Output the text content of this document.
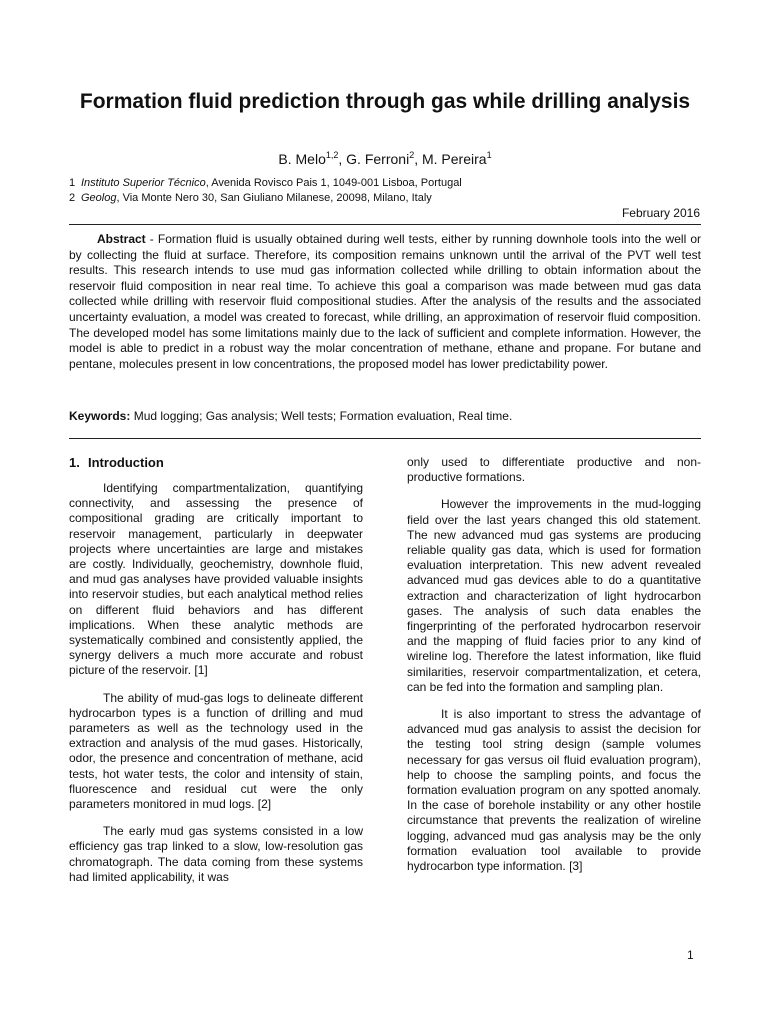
Formation fluid prediction through gas while drilling analysis
B. Melo$^{1,2}$, G. Ferroni$^2$, M. Pereira$^1$
1 Instituto Superior Técnico, Avenida Rovisco Pais 1, 1049-001 Lisboa, Portugal
2 Geolog, Via Monte Nero 30, San Giuliano Milanese, 20098, Milano, Italy
February 2016

Abstract - Formation fluid is usually obtained during well tests, either by running downhole tools into the well or by collecting the fluid at surface. Therefore, its composition remains unknown until the arrival of the PVT well test results. This research intends to use mud gas information collected while drilling to obtain information about the reservoir fluid composition in near real time. To achieve this goal a comparison was made between mud gas data collected while drilling with reservoir fluid compositional studies. After the analysis of the results and the associated uncertainty evaluation, a model was created to forecast, while drilling, an approximation of reservoir fluid composition. The developed model has some limitations mainly due to the lack of sufficient and complete information. However, the model is able to predict in a robust way the molar concentration of methane, ethane and propane. For butane and pentane, molecules present in low concentrations, the proposed model has lower predictability power.

Keywords: Mud logging; Gas analysis; Well tests; Formation evaluation, Real time.

1. Introduction

Identifying compartmentalization, quantifying connectivity, and assessing the presence of compositional grading are critically important to reservoir management, particularly in deepwater projects where uncertainties are large and mistakes are costly. Individually, geochemistry, downhole fluid, and mud gas analyses have provided valuable insights into reservoir studies, but each analytical method relies on different fluid behaviors and has different implications. When these analytic methods are systematically combined and consistently applied, the synergy delivers a much more accurate and robust picture of the reservoir. [1]

The ability of mud-gas logs to delineate different hydrocarbon types is a function of drilling and mud parameters as well as the technology used in the extraction and analysis of the mud gases. Historically, odor, the presence and concentration of methane, acid tests, hot water tests, the color and intensity of stain, fluorescence and residual cut were the only parameters monitored in mud logs. [2]

The early mud gas systems consisted in a low efficiency gas trap linked to a slow, low-resolution gas chromatograph. The data coming from these systems had limited applicability, it was

only used to differentiate productive and non-productive formations.

However the improvements in the mud-logging field over the last years changed this old statement. The new advanced mud gas systems are producing reliable quality gas data, which is used for formation evaluation interpretation. This new advent revealed advanced mud gas devices able to do a quantitative extraction and characterization of light hydrocarbon gases. The analysis of such data enables the fingerprinting of the perforated hydrocarbon reservoir and the mapping of fluid facies prior to any kind of wireline log. Therefore the latest information, like fluid similarities, reservoir compartmentalization, et cetera, can be fed into the formation and sampling plan.

It is also important to stress the advantage of advanced mud gas analysis to assist the decision for the testing tool string design (sample volumes necessary for gas versus oil fluid evaluation program), help to choose the sampling points, and focus the formation evaluation program on any spotted anomaly. In the case of borehole instability or any other hostile circumstance that prevents the realization of wireline logging, advanced mud gas analysis may be the only formation evaluation tool available to provide hydrocarbon type information. [3]

1
